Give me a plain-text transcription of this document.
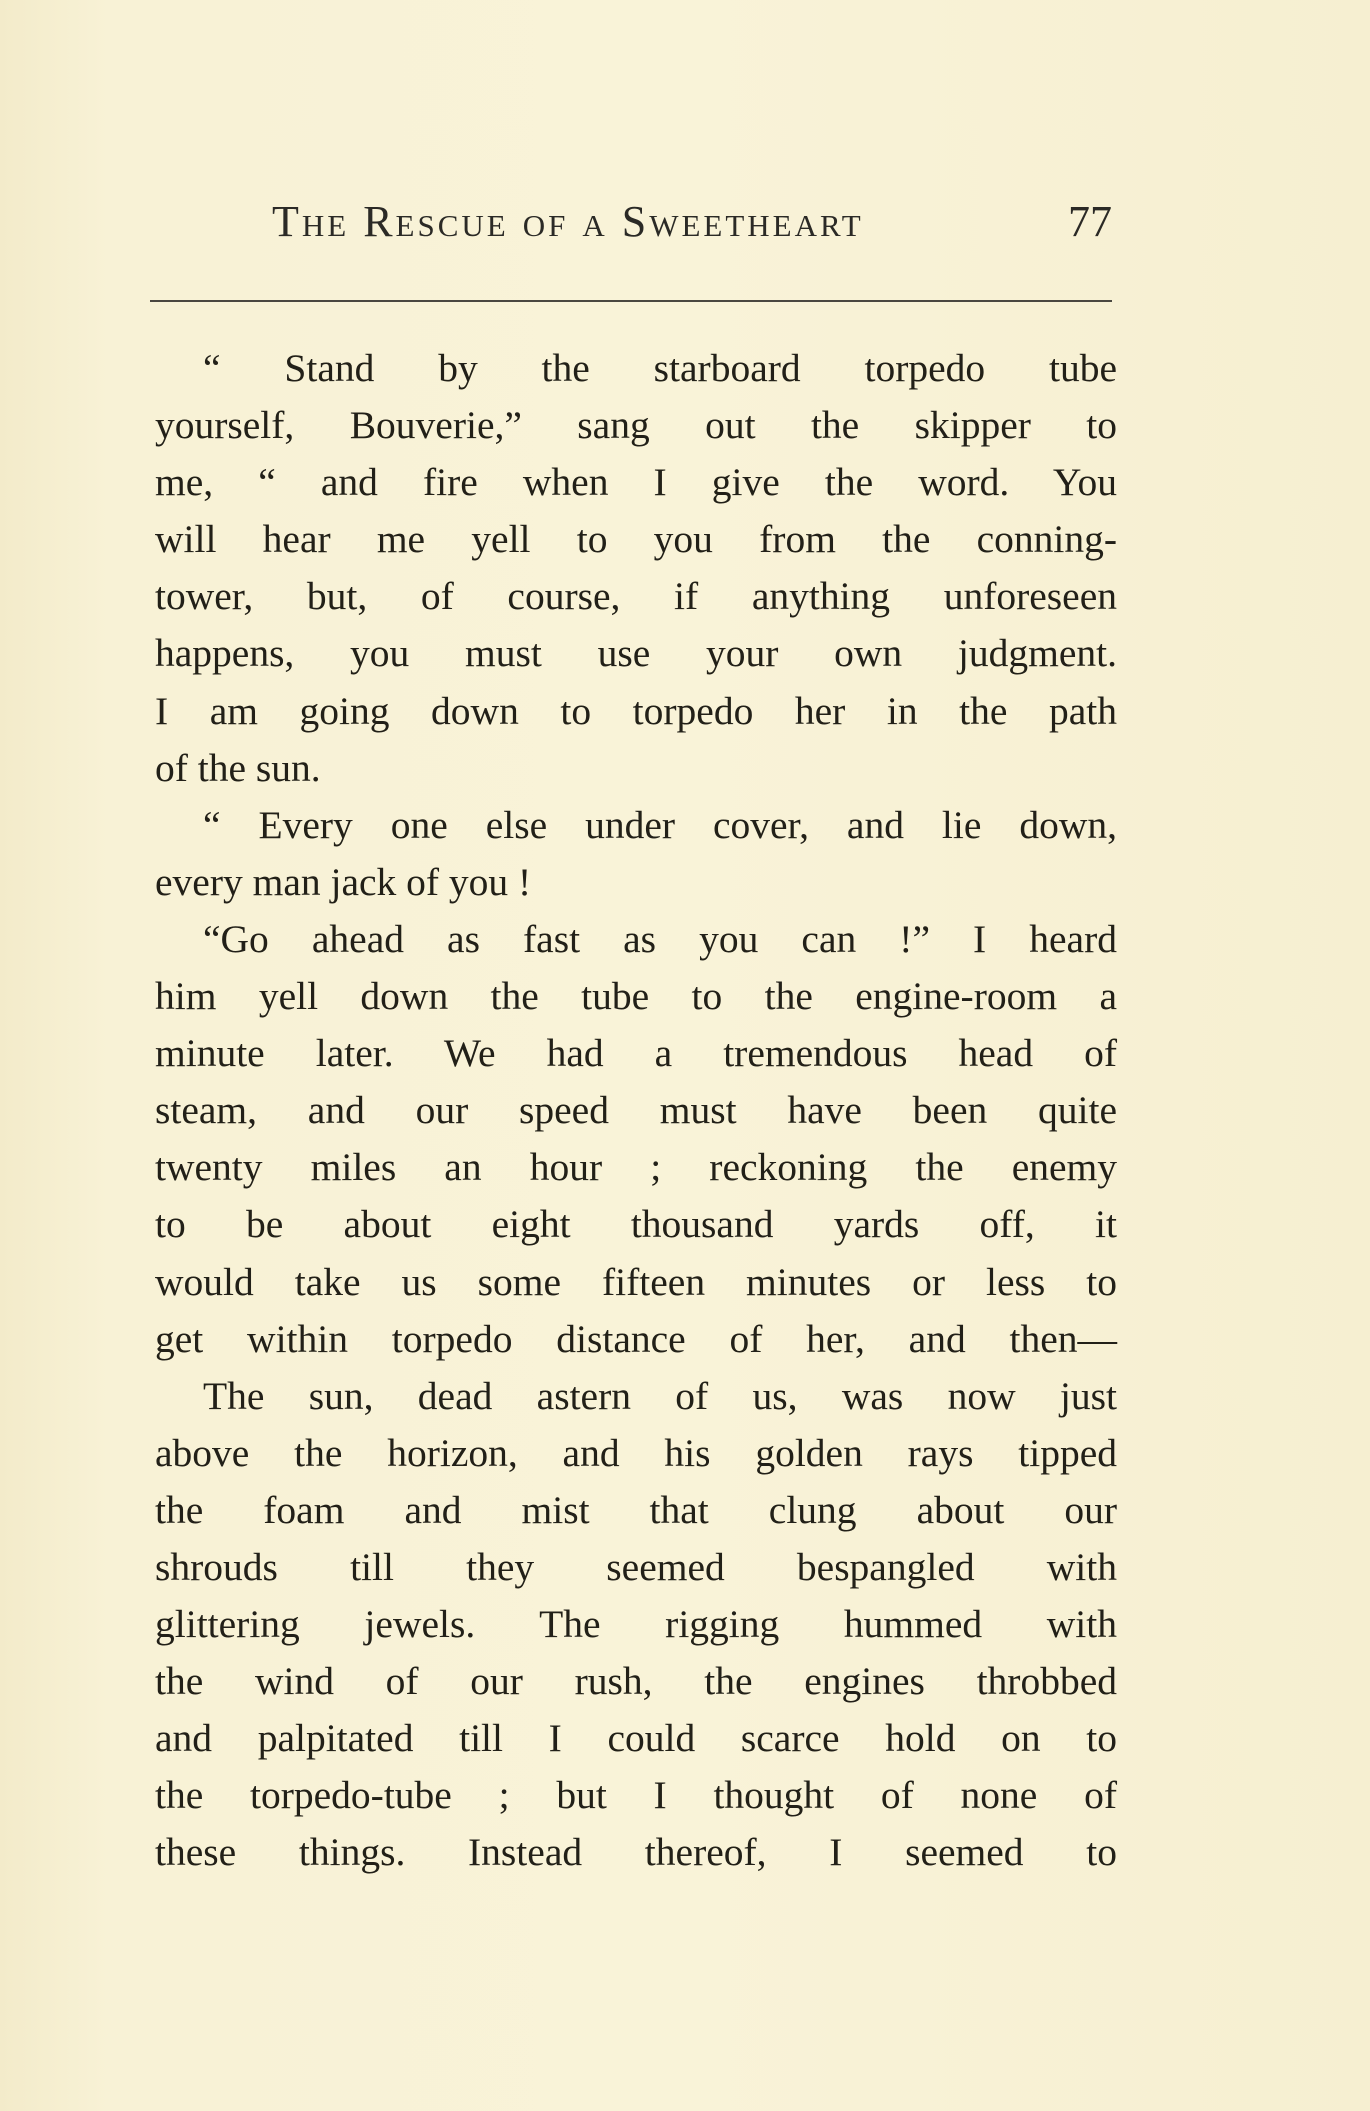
The Rescue of a Sweetheart	77
“ Stand by the starboard torpedo tube
yourself, Bouverie,” sang out the skipper to
me, “ and fire when I give the word. You
will hear me yell to you from the conning-
tower, but, of course, if anything unforeseen
happens, you must use your own judgment.
I am going down to torpedo her in the path
of the sun.
“ Every one else under cover, and lie down,
every man jack of you !
“Go ahead as fast as you can !” I heard
him yell down the tube to the engine-room a
minute later. We had a tremendous head of
steam, and our speed must have been quite
twenty miles an hour ; reckoning the enemy
to be about eight thousand yards off, it
would take us some fifteen minutes or less to
get within torpedo distance of her, and then—
The sun, dead astern of us, was now just
above the horizon, and his golden rays tipped
the foam and mist that clung about our
shrouds till they seemed bespangled with
glittering jewels. The rigging hummed with
the wind of our rush, the engines throbbed
and palpitated till I could scarce hold on to
the torpedo-tube ; but I thought of none of
these things. Instead thereof, I seemed to
